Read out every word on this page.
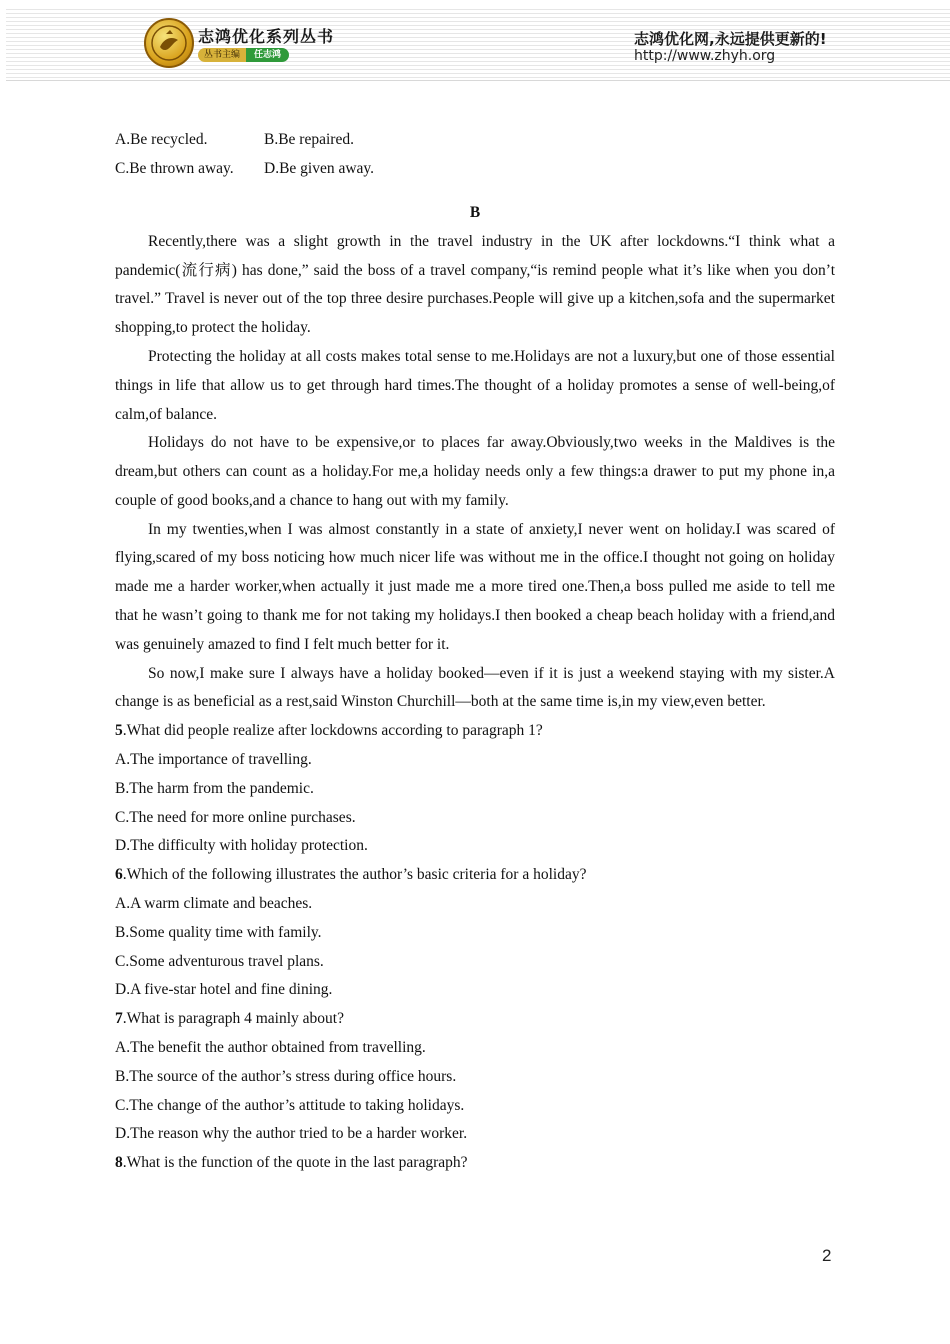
志鸿优化系列丛书
丛书主编	任志鸿
志鸿优化网,永远提供更新的!
http://www.zhyh.org
A.Be recycled.	B.Be repaired.
C.Be thrown away.	D.Be given away.
B

Recently,there was a slight growth in the travel industry in the UK after lockdowns.“I think what a pandemic(流行病) has done,” said the boss of a travel company,“is remind people what it’s like when you don’t travel.” Travel is never out of the top three desire purchases.People will give up a kitchen,sofa and the supermarket shopping,to protect the holiday.

Protecting the holiday at all costs makes total sense to me.Holidays are not a luxury,but one of those essential things in life that allow us to get through hard times.The thought of a holiday promotes a sense of well-being,of calm,of balance.

Holidays do not have to be expensive,or to places far away.Obviously,two weeks in the Maldives is the dream,but others can count as a holiday.For me,a holiday needs only a few things:a drawer to put my phone in,a couple of good books,and a chance to hang out with my family.

In my twenties,when I was almost constantly in a state of anxiety,I never went on holiday.I was scared of flying,scared of my boss noticing how much nicer life was without me in the office.I thought not going on holiday made me a harder worker,when actually it just made me a more tired one.Then,a boss pulled me aside to tell me that he wasn’t going to thank me for not taking my holidays.I then booked a cheap beach holiday with a friend,and was genuinely amazed to find I felt much better for it.

So now,I make sure I always have a holiday booked—even if it is just a weekend staying with my sister.A change is as beneficial as a rest,said Winston Churchill—both at the same time is,in my view,even better.

5.What did people realize after lockdowns according to paragraph 1?
A.The importance of travelling.
B.The harm from the pandemic.
C.The need for more online purchases.
D.The difficulty with holiday protection.
6.Which of the following illustrates the author’s basic criteria for a holiday?
A.A warm climate and beaches.
B.Some quality time with family.
C.Some adventurous travel plans.
D.A five-star hotel and fine dining.
7.What is paragraph 4 mainly about?
A.The benefit the author obtained from travelling.
B.The source of the author’s stress during office hours.
C.The change of the author’s attitude to taking holidays.
D.The reason why the author tried to be a harder worker.
8.What is the function of the quote in the last paragraph?
2
